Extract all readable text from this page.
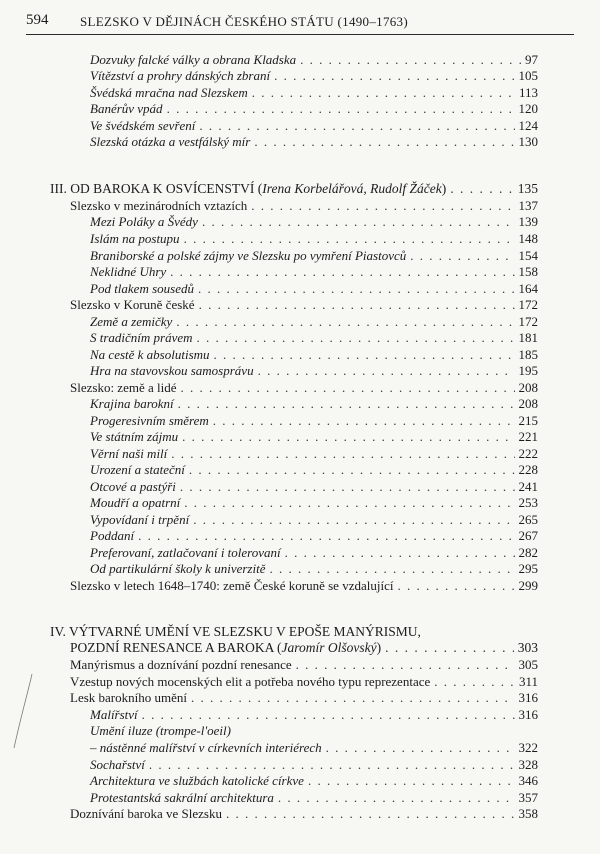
594 SLEZSKO V DĚJINÁCH ČESKÉHO STÁTU (1490–1763)
Dozvuky falcké války a obrana Kladska . . .	97
Vítězství a prohry dánských zbraní . . .	105
Švédská mračna nad Slezskem . . .	113
Banérův vpád . . .	120
Ve švédském sevření . . .	124
Slezská otázka a vestfálský mír . . .	130
III. OD BAROKA K OSVÍCENSTVÍ (Irena Korbelářová, Rudolf Žáček) . . .	135
Slezsko v mezinárodních vztazích . . .	137
Mezi Poláky a Švédy . . .	139
Islám na postupu . . .	148
Braniborské a polské zájmy ve Slezsku po vymření Piastovců . . .	154
Neklidné Uhry . . .	158
Pod tlakem sousedů . . .	164
Slezsko v Koruně české . . .	172
Země a zemičky . . .	172
S tradičním právem . . .	181
Na cestě k absolutismu . . .	185
Hra na stavovskou samosprávu . . .	195
Slezsko: země a lidé . . .	208
Krajina barokní . . .	208
Progeresivním směrem . . .	215
Ve státním zájmu . . .	221
Věrní naši milí . . .	222
Urození a stateční . . .	228
Otcové a pastýři . . .	241
Moudří a opatrní . . .	253
Vypovídaní i trpění . . .	265
Poddaní . . .	267
Preferovaní, zatlačovaní i tolerovaní . . .	282
Od partikulární školy k univerzitě . . .	295
Slezsko v letech 1648–1740: země České koruně se vzdalující . . .	299
IV. VÝTVARNÉ UMĚNÍ VE SLEZSKU V EPOŠE MANÝRISMU,
POZDNÍ RENESANCE A BAROKA (Jaromír Olšovský) . . .	303
Manýrismus a doznívání pozdní renesance . . .	305
Vzestup nových mocenských elit a potřeba nového typu reprezentace . . .	311
Lesk barokního umění . . .	316
Malířství . . .	316
Umění iluze (trompe-l'oeil)
– nástěnné malířství v církevních interiérech . . .	322
Sochařství . . .	328
Architektura ve službách katolické církve . . .	346
Protestantská sakrální architektura . . .	357
Doznívání baroka ve Slezsku . . .	358
